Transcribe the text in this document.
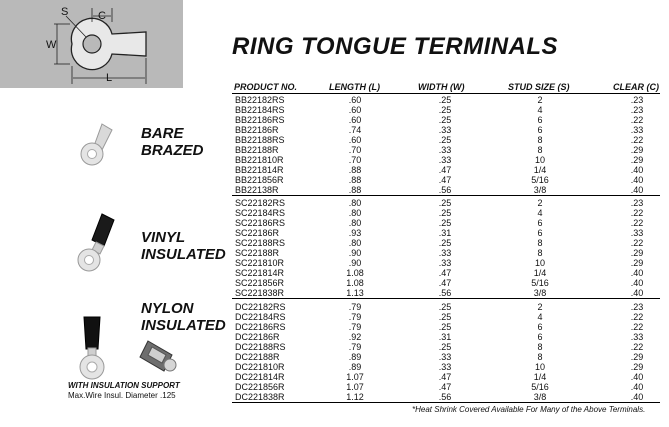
S	C
W
L
RING TONGUE TERMINALS
PRODUCT NO.	LENGTH (L)	WIDTH (W)	STUD SIZE (S)	CLEAR (C)
BB22182RS	.60	.25	2	.23
BB22184RS	.60	.25	4	.23
BB22186RS	.60	.25	6	.22
BB22186R	.74	.33	6	.33
BB22188RS	.60	.25	8	.22
BB22188R	.70	.33	8	.29
BB221810R	.70	.33	10	.29
BB221814R	.88	.47	1/4	.40
BB221856R	.88	.47	5/16	.40
BB22138R	.88	.56	3/8	.40
SC22182RS	.80	.25	2	.23
SC22184RS	.80	.25	4	.22
SC22186RS	.80	.25	6	.22
SC22186R	.93	.31	6	.33
SC22188RS	.80	.25	8	.22
SC22188R	.90	.33	8	.29
SC221810R	.90	.33	10	.29
SC221814R	1.08	.47	1/4	.40
SC221856R	1.08	.47	5/16	.40
SC221838R	1.13	.56	3/8	.40
DC22182RS	.79	.25	2	.23
DC22184RS	.79	.25	4	.22
DC22186RS	.79	.25	6	.22
DC22186R	.92	.31	6	.33
DC22188RS	.79	.25	8	.22
DC22188R	.89	.33	8	.29
DC221810R	.89	.33	10	.29
DC221814R	1.07	.47	1/4	.40
DC221856R	1.07	.47	5/16	.40
DC221838R	1.12	.56	3/8	.40
BARE
BRAZED
VINYL
INSULATED
NYLON
INSULATED
WITH INSULATION SUPPORT
Max.Wire Insul. Diameter .125
*Heat Shrink Covered Available For Many of the Above Terminals.
